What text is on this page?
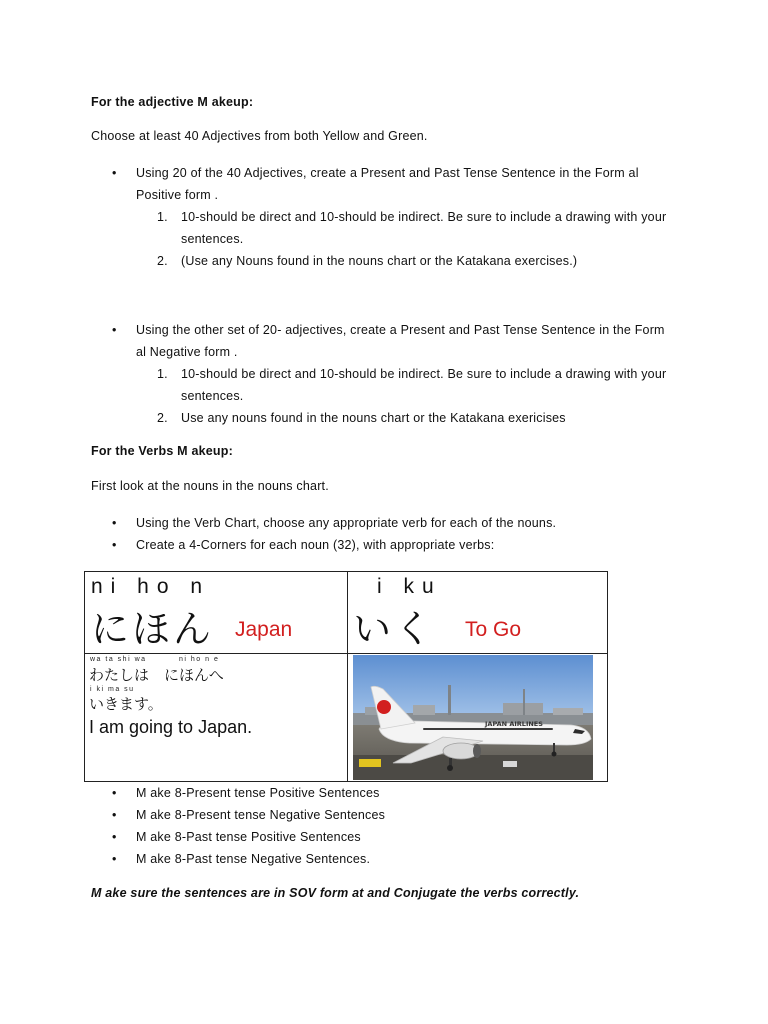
For the adjective M akeup:
Choose at least 40 Adjectives from both Yellow and Green.
• Using 20 of the 40 Adjectives, create a Present and Past Tense Sentence in the Form al Positive form .
1. 10-should be direct and 10-should be indirect. Be sure to include a drawing with your sentences.
2. (Use any Nouns found in the nouns chart or the Katakana exercises.)
• Using the other set of 20- adjectives, create a Present and Past Tense Sentence in the Form al Negative form .
1. 10-should be direct and 10-should be indirect. Be sure to include a drawing with your sentences.
2. Use any nouns found in the nouns chart or the Katakana exericises
For the Verbs M akeup:
First look at the nouns in the nouns chart.
• Using the Verb Chart, choose any appropriate verb for each of the nouns.
• Create a 4-Corners for each noun (32), with appropriate verbs:
ni ho n
にほん Japan
i ku
いく To Go
wa ta shi wa	ni ho n e
わたしは　にほんへ
i ki ma su
いきます。
I am going to Japan.	JAPAN AIRLINES
• M ake 8-Present tense Positive Sentences
• M ake 8-Present tense Negative Sentences
• M ake 8-Past tense Positive Sentences
• M ake 8-Past tense Negative Sentences.
M ake sure the sentences are in SOV form at and Conjugate the verbs correctly.
